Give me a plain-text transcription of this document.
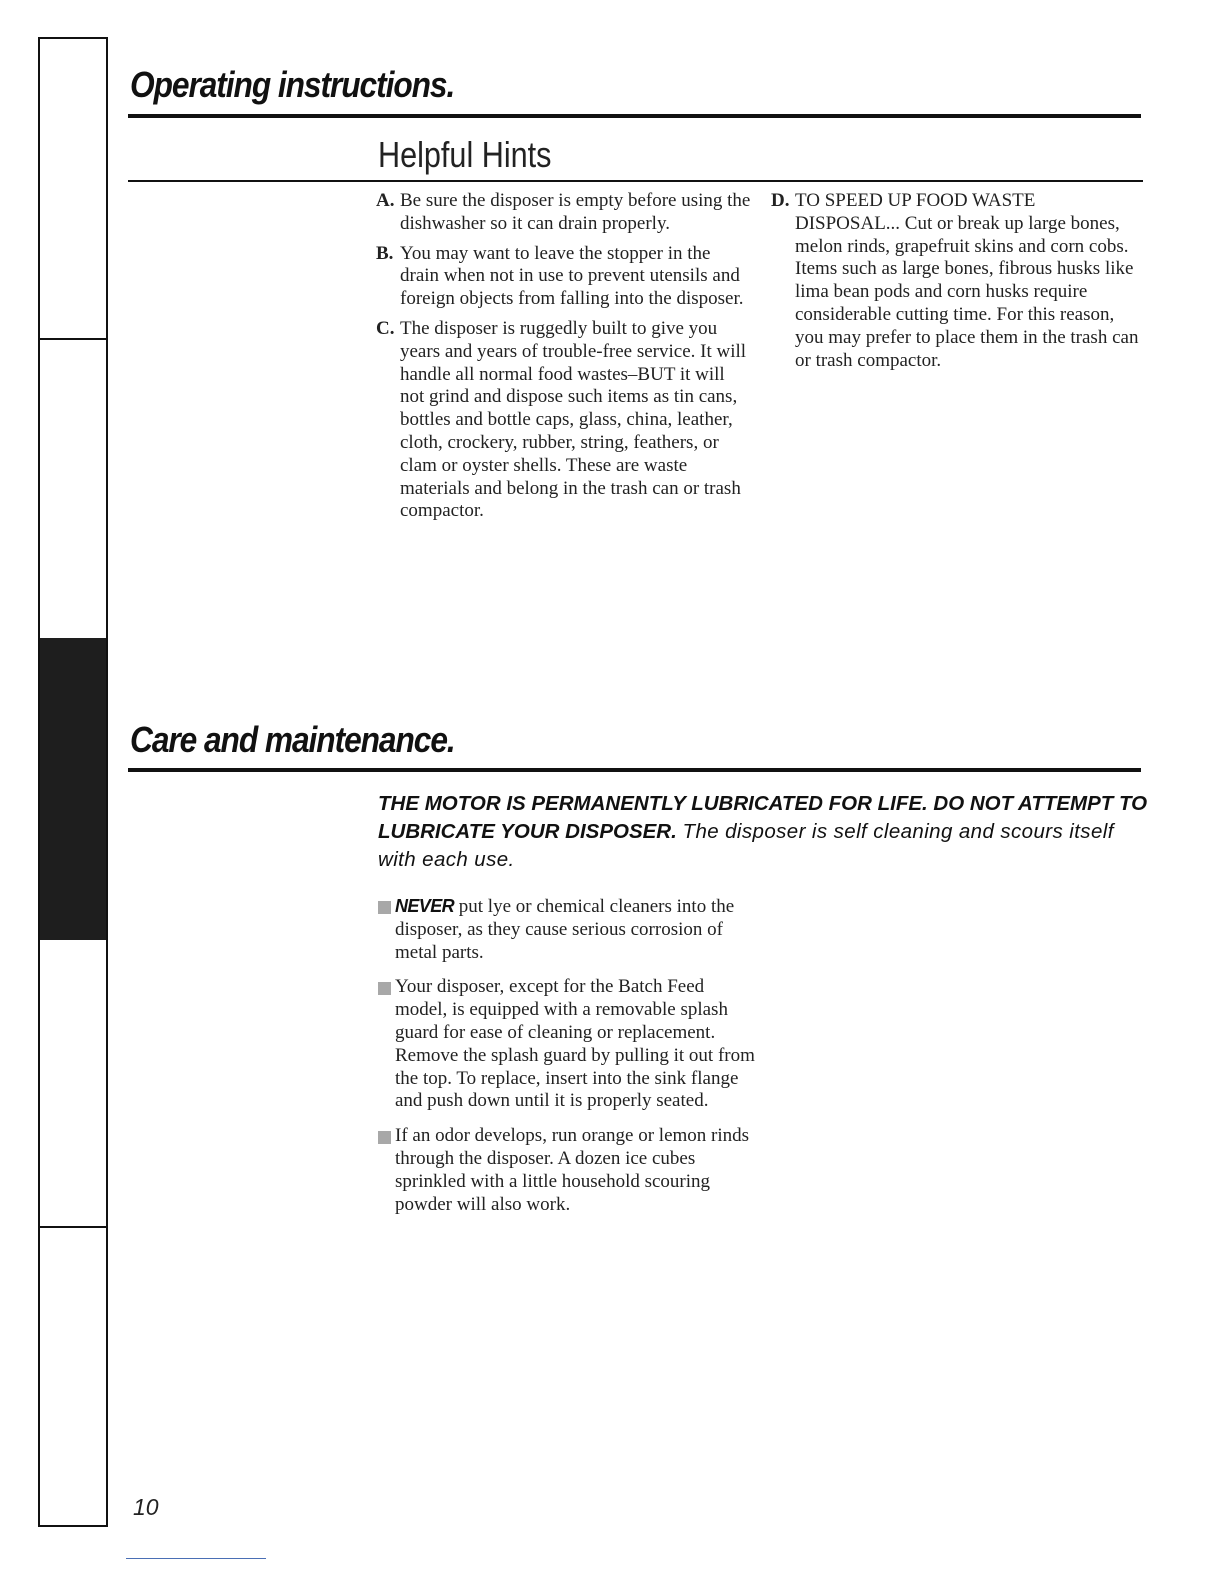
Operating instructions.
Helpful Hints
A. Be sure the disposer is empty before using the dishwasher so it can drain properly.
B. You may want to leave the stopper in the drain when not in use to prevent utensils and foreign objects from falling into the disposer.
C. The disposer is ruggedly built to give you years and years of trouble-free service. It will handle all normal food wastes–BUT it will not grind and dispose such items as tin cans, bottles and bottle caps, glass, china, leather, cloth, crockery, rubber, string, feathers, or clam or oyster shells. These are waste materials and belong in the trash can or trash compactor.
D. TO SPEED UP FOOD WASTE DISPOSAL... Cut or break up large bones, melon rinds, grapefruit skins and corn cobs. Items such as large bones, fibrous husks like lima bean pods and corn husks require considerable cutting time. For this reason, you may prefer to place them in the trash can or trash compactor.
Care and maintenance.

THE MOTOR IS PERMANENTLY LUBRICATED FOR LIFE. DO NOT ATTEMPT TO LUBRICATE YOUR DISPOSER. The disposer is self cleaning and scours itself with each use.

NEVER put lye or chemical cleaners into the disposer, as they cause serious corrosion of metal parts.
Your disposer, except for the Batch Feed model, is equipped with a removable splash guard for ease of cleaning or replacement. Remove the splash guard by pulling it out from the top. To replace, insert into the sink flange and push down until it is properly seated.
If an odor develops, run orange or lemon rinds through the disposer. A dozen ice cubes sprinkled with a little household scouring powder will also work.
10
